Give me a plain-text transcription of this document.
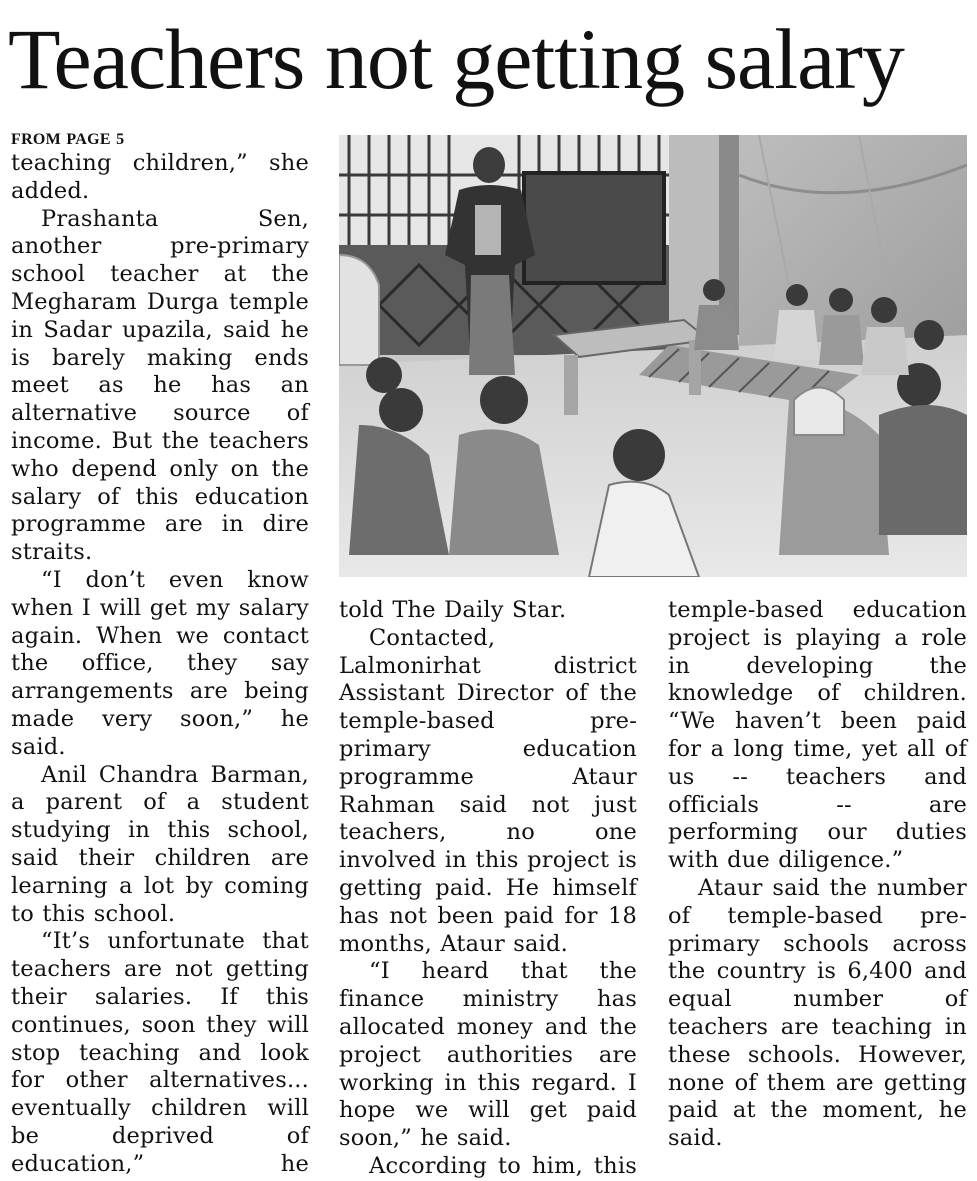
Teachers not getting salary
FROM PAGE 5

teaching children,” she added.

Prashanta Sen, another pre-primary school teacher at the Megharam Durga temple in Sadar upazila, said he is barely making ends meet as he has an alternative source of income. But the teachers who depend only on the salary of this education programme are in dire straits.

“I don’t even know when I will get my salary again. When we contact the office, they say arrangements are being made very soon,” he said.

Anil Chandra Barman, a parent of a student studying in this school, said their children are learning a lot by coming to this school.

“It’s unfortunate that teachers are not getting their salaries. If this continues, soon they will stop teaching and look for other alternatives... eventually children will be deprived of education,” he

told The Daily Star.

Contacted, Lalmonirhat district Assistant Director of the temple-based pre-primary education programme Ataur Rahman said not just teachers, no one involved in this project is getting paid. He himself has not been paid for 18 months, Ataur said.

“I heard that the finance ministry has allocated money and the project authorities are working in this regard. I hope we will get paid soon,” he said.

According to him, this

temple-based education project is playing a role in developing the knowledge of children. “We haven’t been paid for a long time, yet all of us -- teachers and officials -- are performing our duties with due diligence.”

Ataur said the number of temple-based pre-primary schools across the country is 6,400 and equal number of teachers are teaching in these schools. However, none of them are getting paid at the moment, he said.
